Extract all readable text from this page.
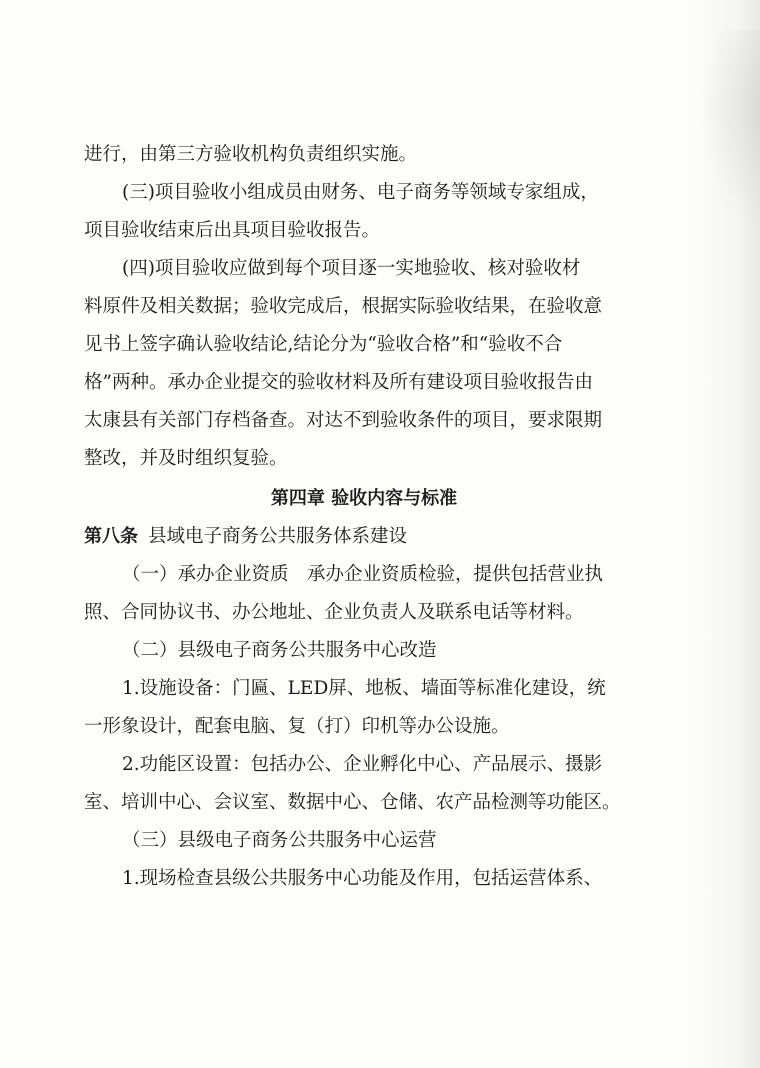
进行，由第三方验收机构负责组织实施。
(三)项目验收小组成员由财务、电子商务等领域专家组成，
项目验收结束后出具项目验收报告。
(四)项目验收应做到每个项目逐一实地验收、核对验收材
料原件及相关数据；验收完成后，根据实际验收结果，在验收意
见书上签字确认验收结论,结论分为“验收合格”和“验收不合
格”两种。承办企业提交的验收材料及所有建设项目验收报告由
太康县有关部门存档备查。对达不到验收条件的项目，要求限期
整改，并及时组织复验。
第四章 验收内容与标准
第八条 县域电子商务公共服务体系建设
（一）承办企业资质　承办企业资质检验，提供包括营业执
照、合同协议书、办公地址、企业负责人及联系电话等材料。
（二）县级电子商务公共服务中心改造
1.设施设备：门匾、LED屏、地板、墙面等标准化建设，统
一形象设计，配套电脑、复（打）印机等办公设施。
2.功能区设置：包括办公、企业孵化中心、产品展示、摄影
室、培训中心、会议室、数据中心、仓储、农产品检测等功能区。
（三）县级电子商务公共服务中心运营
1.现场检查县级公共服务中心功能及作用，包括运营体系、
